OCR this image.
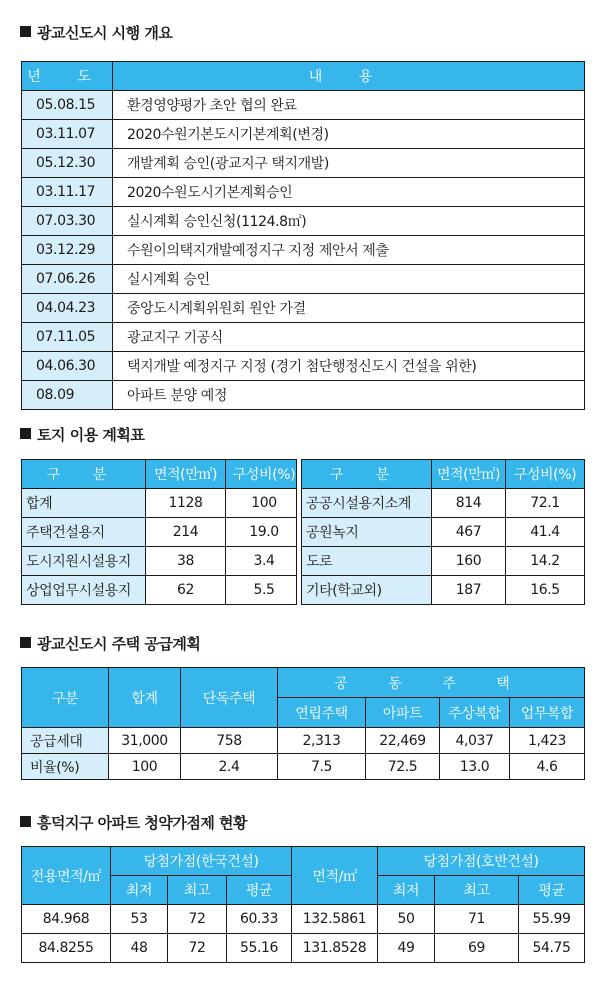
광교신도시 시행 개요
년 도	내 용
05.08.15	환경영양평가 초안 협의 완료
03.11.07	2020수원기본도시기본계획(변경)
05.12.30	개발계획 승인(광교지구 택지개발)
03.11.17	2020수원도시기본계획승인
07.03.30	실시계획 승인신청(1124.8㎡)
03.12.29	수원이의택지개발예정지구 지정 제안서 제출
07.06.26	실시계획 승인
04.04.23	중앙도시계획위원회 원안 가결
07.11.05	광교지구 기공식
04.06.30	택지개발 예정지구 지정 (경기 첨단행정신도시 건설을 위한)
08.09	아파트 분양 예정
토지 이용 계획표
구 분	면적(만㎡)	구성비(%)
합계	1128	100
주택건설용지	214	19.0
도시지원시설용지	38	3.4
상업업무시설용지	62	5.5
구 분	면적(만㎡)	구성비(%)
공공시설용지소계	814	72.1
공원녹지	467	41.4
도로	160	14.2
기타(학교외)	187	16.5
광교신도시 주택 공급계획
구분	합계	단독주택	공 동 주 택			
			연립주택	아파트	주상복합	업무복합
공급세대	31,000	758	2,313	22,469	4,037	1,423
비율(%)	100	2.4	7.5	72.5	13.0	4.6
흥덕지구 아파트 청약가점제 현황
전용면적/㎡	당첨가점(한국건설)			면적/㎡	당첨가점(호반건설)		
	최저	최고	평균		최저	최고	평균
84.968	53	72	60.33	132.5861	50	71	55.99
84.8255	48	72	55.16	131.8528	49	69	54.75
